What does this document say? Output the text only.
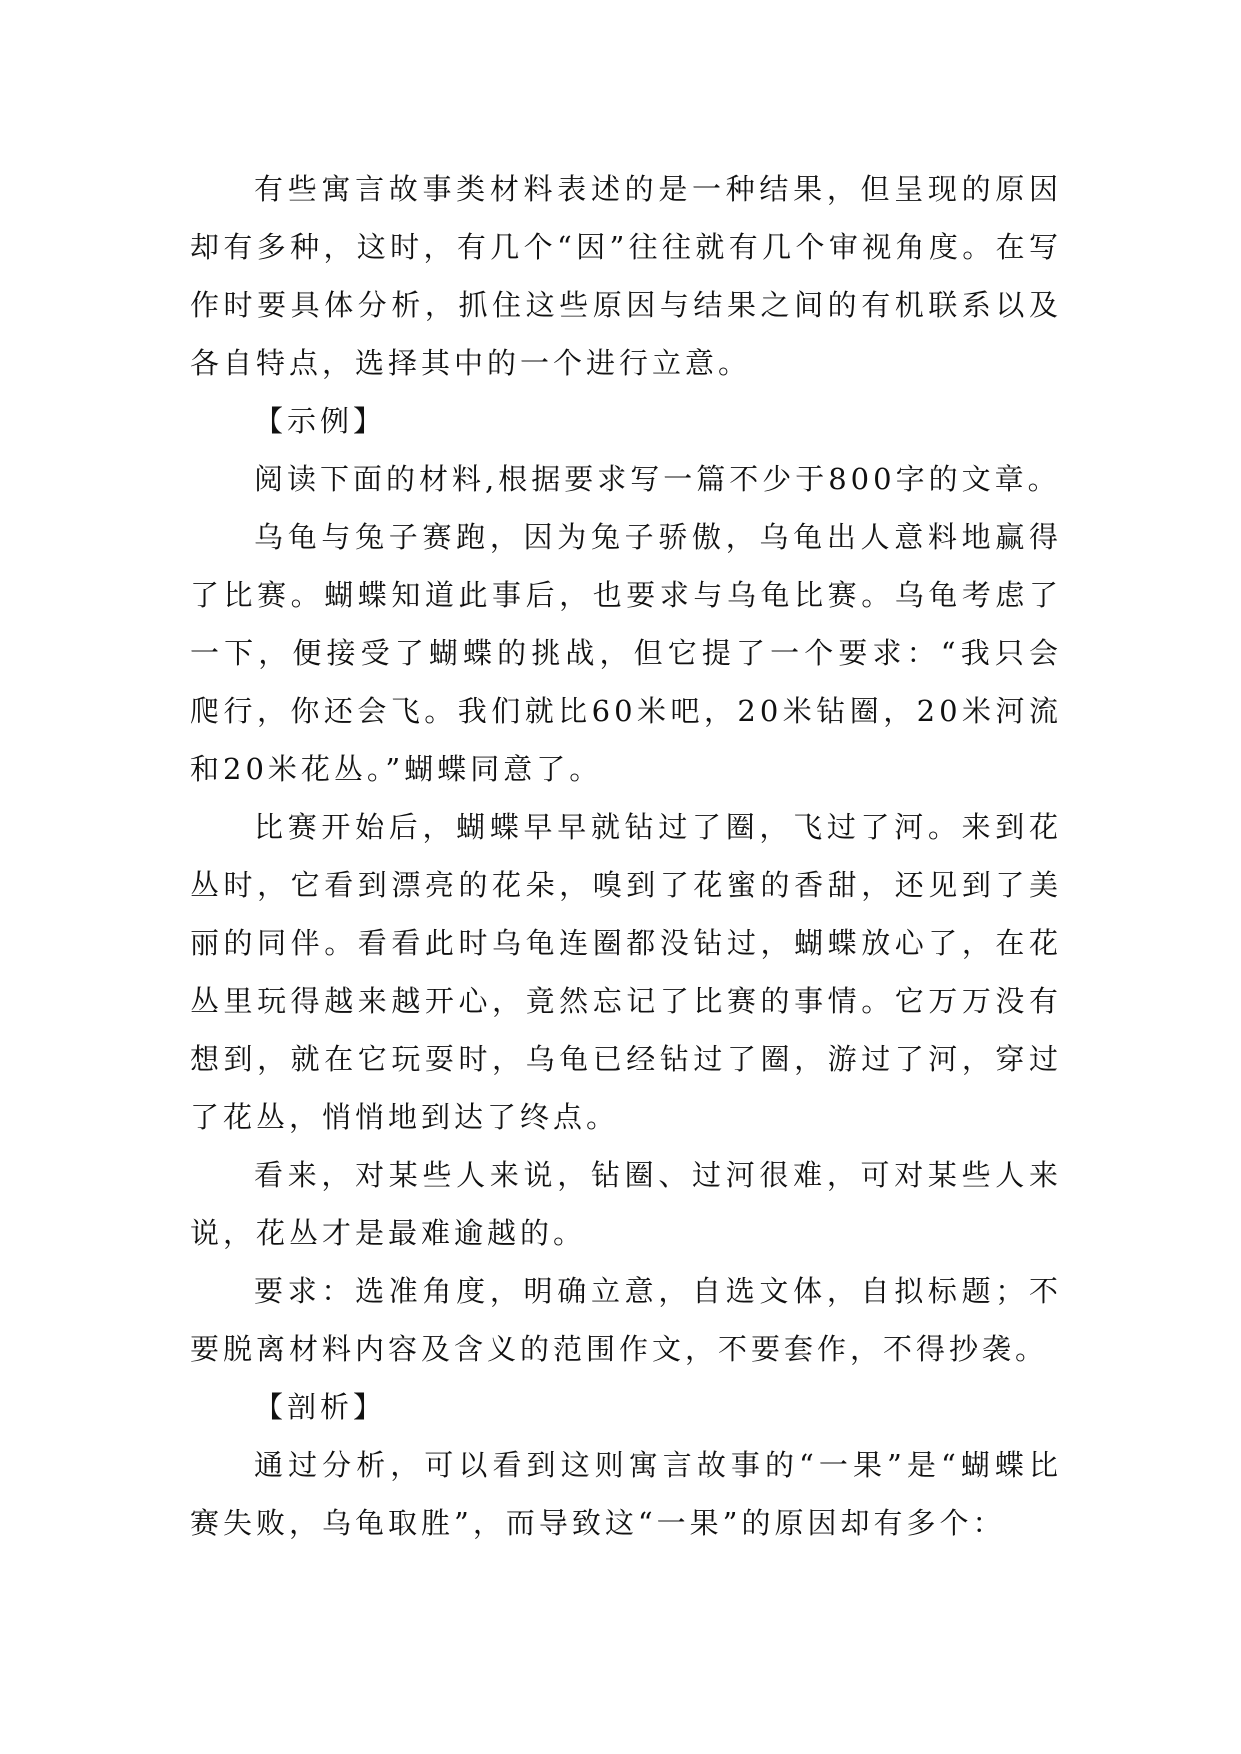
有些寓言故事类材料表述的是一种结果，但呈现的原因却有多种，这时，有几个“因”往往就有几个审视角度。在写作时要具体分析，抓住这些原因与结果之间的有机联系以及各自特点，选择其中的一个进行立意。

【示例】

阅读下面的材料,根据要求写一篇不少于800字的文章。

乌龟与兔子赛跑，因为兔子骄傲，乌龟出人意料地赢得了比赛。蝴蝶知道此事后，也要求与乌龟比赛。乌龟考虑了一下，便接受了蝴蝶的挑战，但它提了一个要求：“我只会爬行，你还会飞。我们就比60米吧，20米钻圈，20米河流和20米花丛。”蝴蝶同意了。

比赛开始后，蝴蝶早早就钻过了圈，飞过了河。来到花丛时，它看到漂亮的花朵，嗅到了花蜜的香甜，还见到了美丽的同伴。看看此时乌龟连圈都没钻过，蝴蝶放心了，在花丛里玩得越来越开心，竟然忘记了比赛的事情。它万万没有想到，就在它玩耍时，乌龟已经钻过了圈，游过了河，穿过了花丛，悄悄地到达了终点。

看来，对某些人来说，钻圈、过河很难，可对某些人来说，花丛才是最难逾越的。

要求：选准角度，明确立意，自选文体，自拟标题；不要脱离材料内容及含义的范围作文，不要套作，不得抄袭。

【剖析】

通过分析，可以看到这则寓言故事的“一果”是“蝴蝶比赛失败，乌龟取胜”，而导致这“一果”的原因却有多个：
